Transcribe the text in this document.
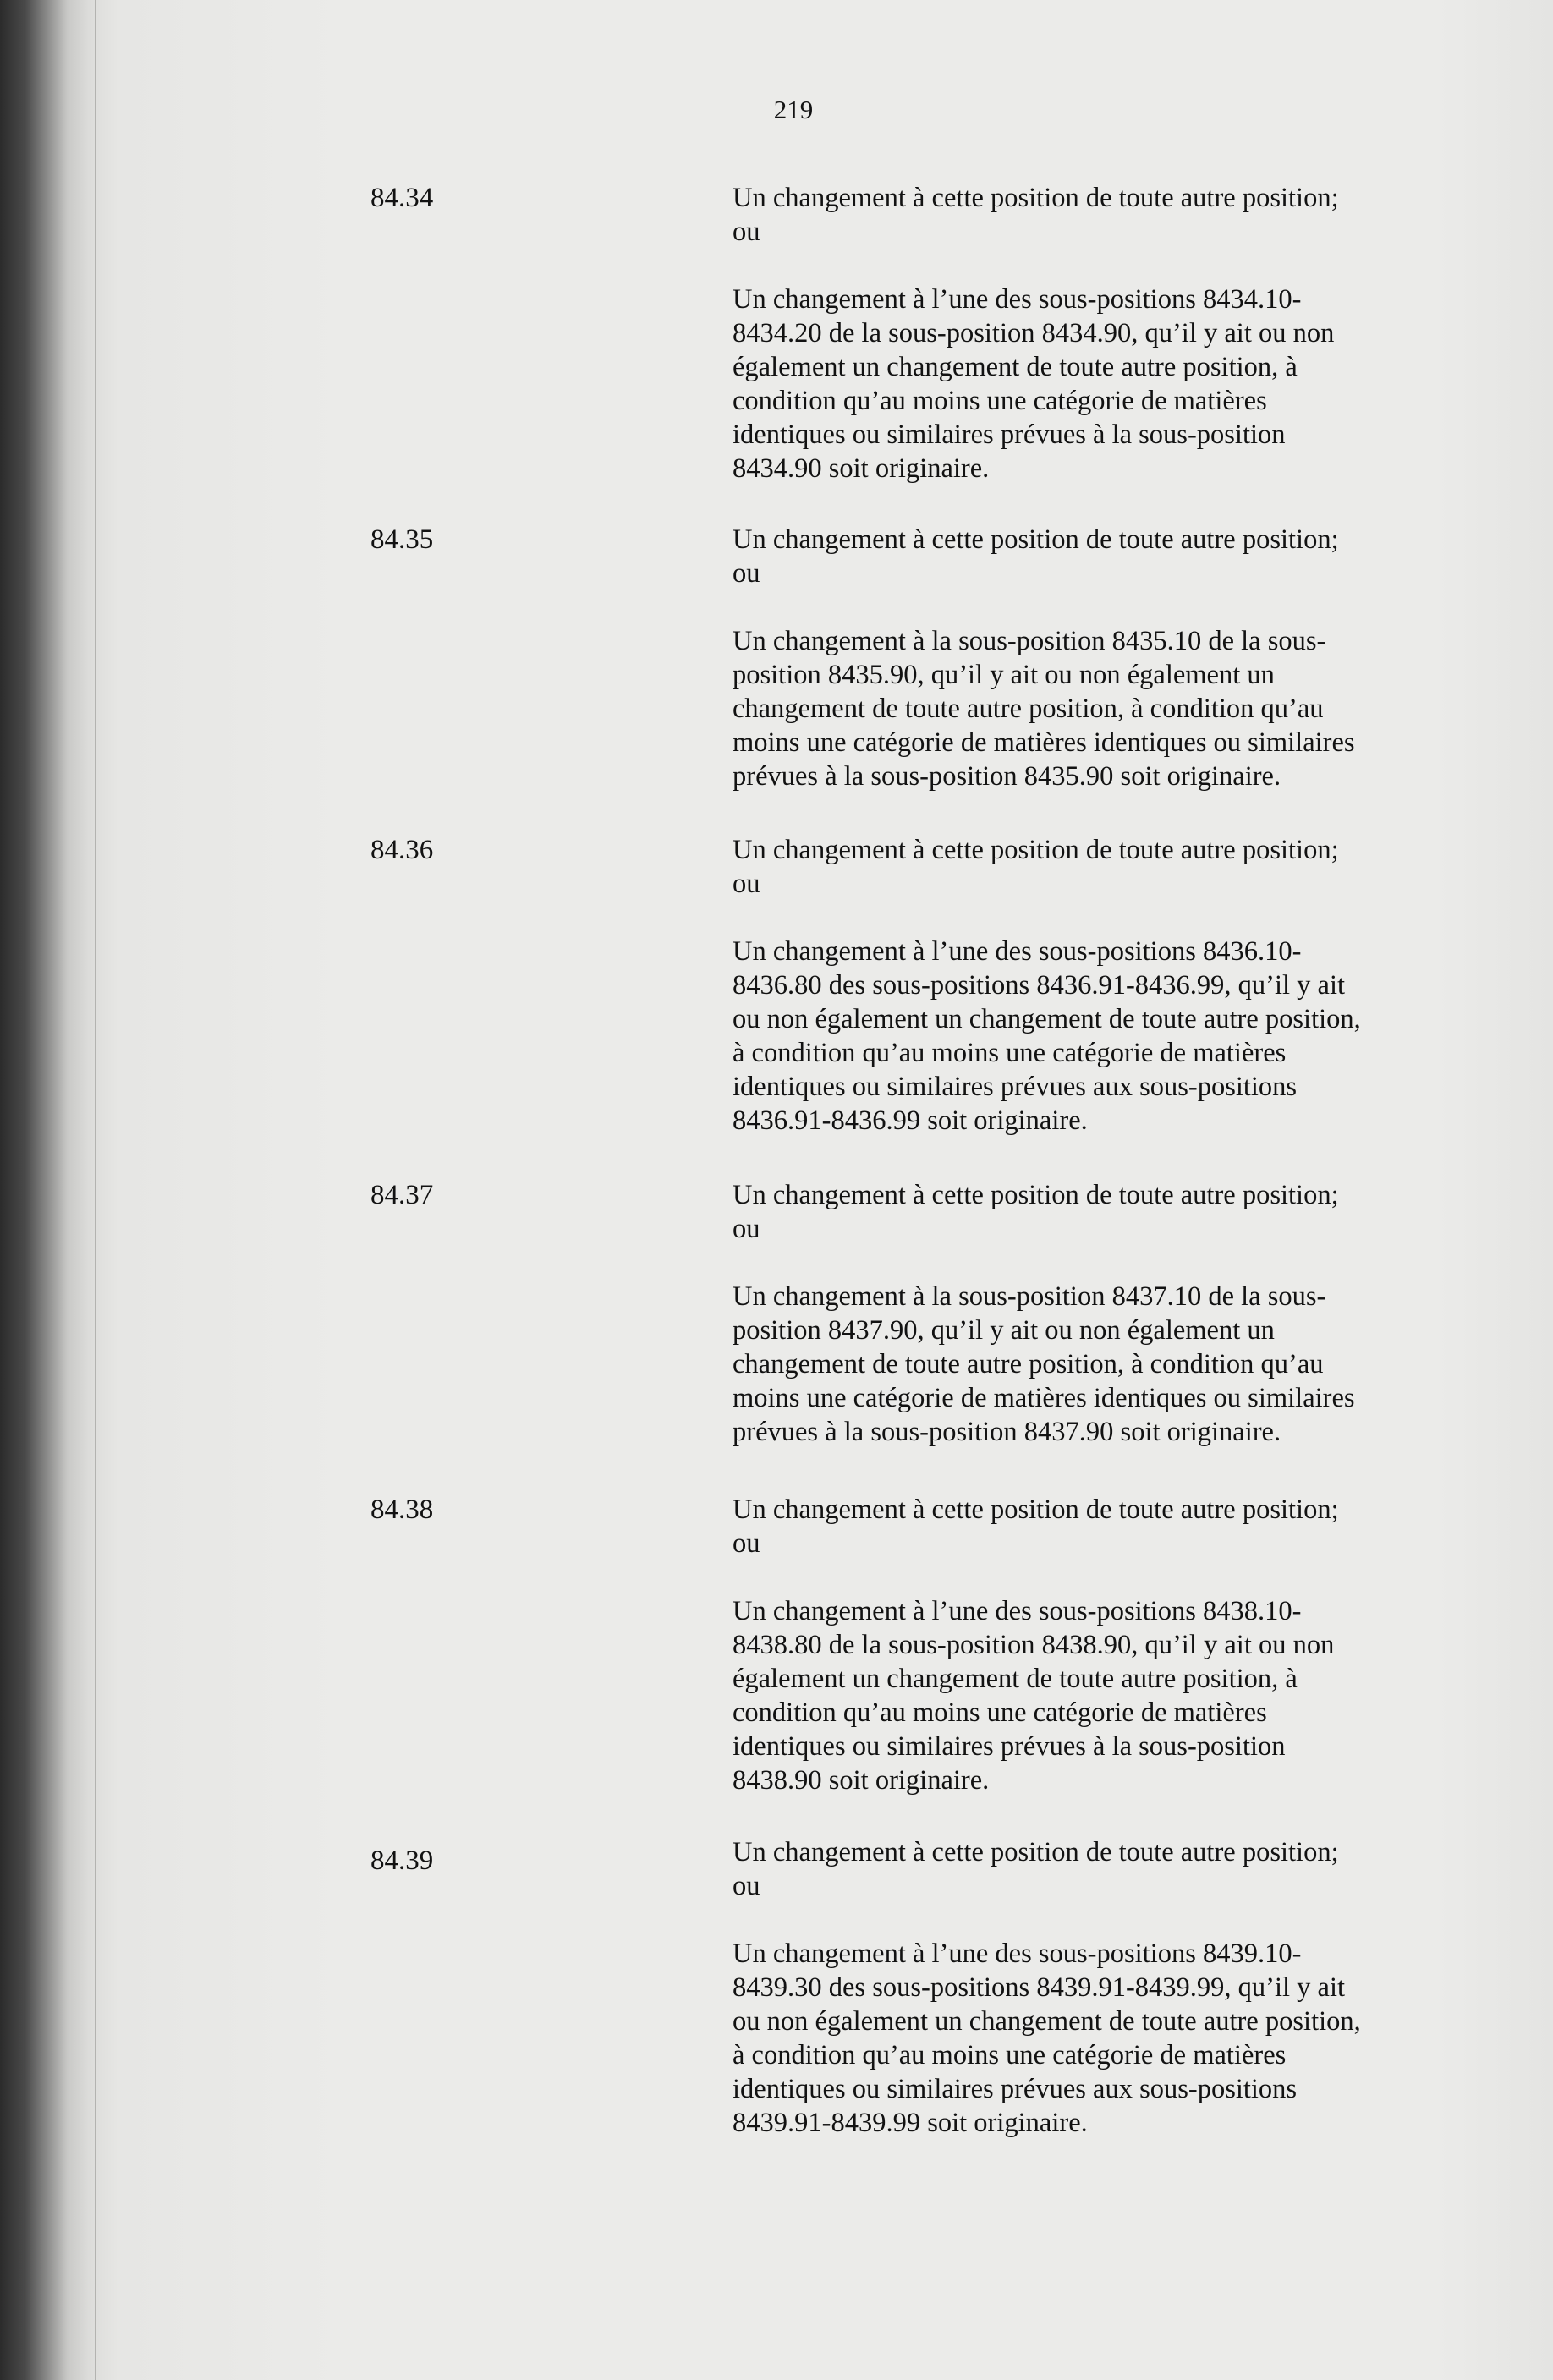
219
84.34	Un changement à cette position de toute autre position;

ou

Un changement à l’une des sous-positions 8434.10-

8434.20 de la sous-position 8434.90, qu’il y ait ou non

également un changement de toute autre position, à

condition qu’au moins une catégorie de matières

identiques ou similaires prévues à la sous-position

8434.90 soit originaire.

84.35	Un changement à cette position de toute autre position;

ou

Un changement à la sous-position 8435.10 de la sous-

position 8435.90, qu’il y ait ou non également un

changement de toute autre position, à condition qu’au

moins une catégorie de matières identiques ou similaires

prévues à la sous-position 8435.90 soit originaire.

84.36	Un changement à cette position de toute autre position;

ou

Un changement à l’une des sous-positions 8436.10-

8436.80 des sous-positions 8436.91-8436.99, qu’il y ait

ou non également un changement de toute autre position,

à condition qu’au moins une catégorie de matières

identiques ou similaires prévues aux sous-positions

8436.91-8436.99 soit originaire.

84.37	Un changement à cette position de toute autre position;

ou

Un changement à la sous-position 8437.10 de la sous-

position 8437.90, qu’il y ait ou non également un

changement de toute autre position, à condition qu’au

moins une catégorie de matières identiques ou similaires

prévues à la sous-position 8437.90 soit originaire.

84.38	Un changement à cette position de toute autre position;

ou

Un changement à l’une des sous-positions 8438.10-

8438.80 de la sous-position 8438.90, qu’il y ait ou non

également un changement de toute autre position, à

condition qu’au moins une catégorie de matières

identiques ou similaires prévues à la sous-position

8438.90 soit originaire.

84.39	Un changement à cette position de toute autre position;

ou

Un changement à l’une des sous-positions 8439.10-

8439.30 des sous-positions 8439.91-8439.99, qu’il y ait

ou non également un changement de toute autre position,

à condition qu’au moins une catégorie de matières

identiques ou similaires prévues aux sous-positions

8439.91-8439.99 soit originaire.
